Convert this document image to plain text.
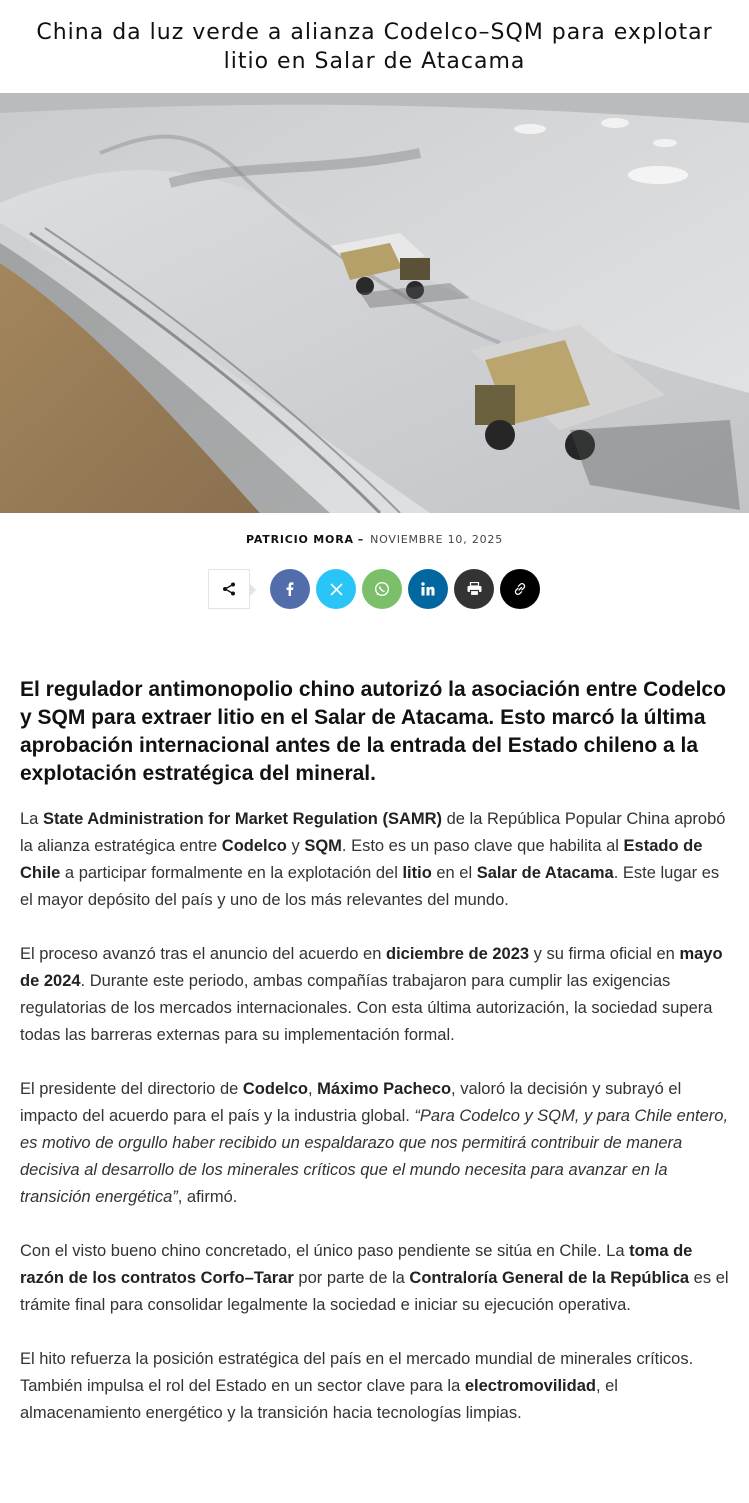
China da luz verde a alianza Codelco–SQM para explotar litio en Salar de Atacama
PATRICIO MORA – NOVIEMBRE 10, 2025

El regulador antimonopolio chino autorizó la asociación entre Codelco y SQM para extraer litio en el Salar de Atacama. Esto marcó la última aprobación internacional antes de la entrada del Estado chileno a la explotación estratégica del mineral.

La State Administration for Market Regulation (SAMR) de la República Popular China aprobó la alianza estratégica entre Codelco y SQM. Esto es un paso clave que habilita al Estado de Chile a participar formalmente en la explotación del litio en el Salar de Atacama. Este lugar es el mayor depósito del país y uno de los más relevantes del mundo.

El proceso avanzó tras el anuncio del acuerdo en diciembre de 2023 y su firma oficial en mayo de 2024. Durante este periodo, ambas compañías trabajaron para cumplir las exigencias regulatorias de los mercados internacionales. Con esta última autorización, la sociedad supera todas las barreras externas para su implementación formal.

El presidente del directorio de Codelco, Máximo Pacheco, valoró la decisión y subrayó el impacto del acuerdo para el país y la industria global. “Para Codelco y SQM, y para Chile entero, es motivo de orgullo haber recibido un espaldarazo que nos permitirá contribuir de manera decisiva al desarrollo de los minerales críticos que el mundo necesita para avanzar en la transición energética”, afirmó.

Con el visto bueno chino concretado, el único paso pendiente se sitúa en Chile. La toma de razón de los contratos Corfo–Tarar por parte de la Contraloría General de la República es el trámite final para consolidar legalmente la sociedad e iniciar su ejecución operativa.

El hito refuerza la posición estratégica del país en el mercado mundial de minerales críticos. También impulsa el rol del Estado en un sector clave para la electromovilidad, el almacenamiento energético y la transición hacia tecnologías limpias.
